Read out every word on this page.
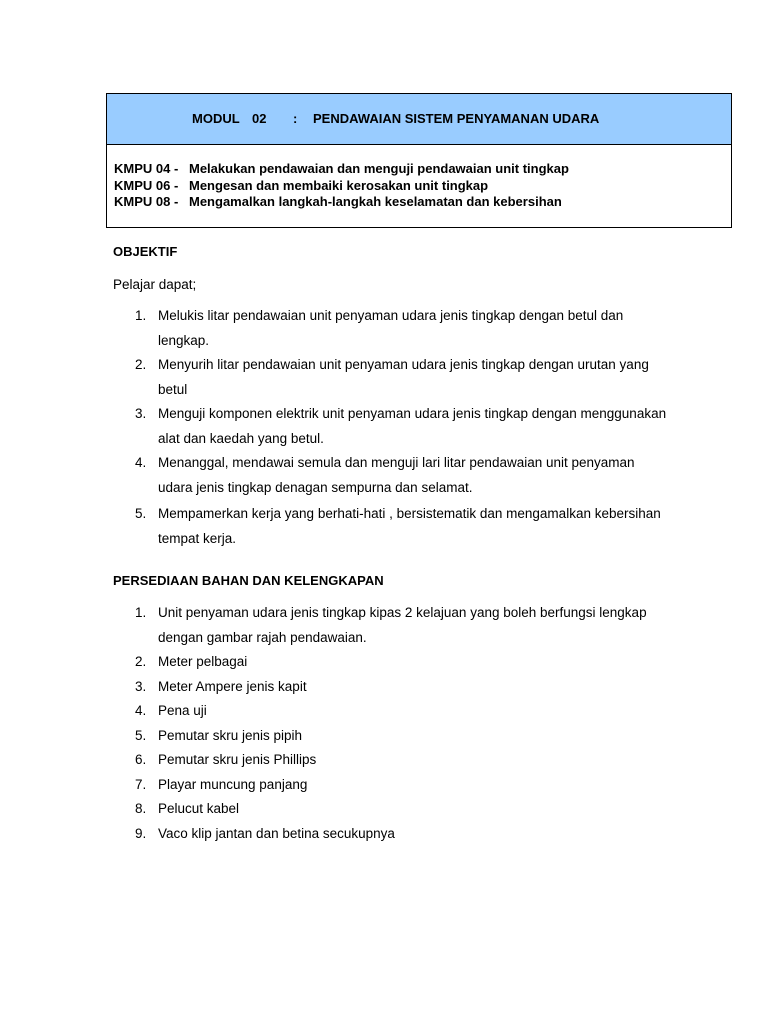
MODUL 02 : PENDAWAIAN SISTEM PENYAMANAN UDARA
KMPU 04 - Melakukan pendawaian dan menguji pendawaian unit tingkap
KMPU 06 - Mengesan dan membaiki kerosakan unit tingkap
KMPU 08 - Mengamalkan langkah-langkah keselamatan dan kebersihan
OBJEKTIF
Pelajar dapat;
1. Melukis litar pendawaian unit penyaman udara jenis tingkap dengan betul dan lengkap.
2. Menyurih litar pendawaian unit penyaman udara jenis tingkap dengan urutan yang betul
3. Menguji komponen elektrik unit penyaman udara jenis tingkap dengan menggunakan alat dan kaedah yang betul.
4. Menanggal, mendawai semula dan menguji lari litar pendawaian unit penyaman udara jenis tingkap denagan sempurna dan selamat.
5. Mempamerkan kerja yang berhati-hati , bersistematik dan mengamalkan kebersihan tempat kerja.
PERSEDIAAN BAHAN DAN KELENGKAPAN
1. Unit penyaman udara jenis tingkap kipas 2 kelajuan yang boleh berfungsi lengkap dengan gambar rajah pendawaian.
2. Meter pelbagai
3. Meter Ampere jenis kapit
4. Pena uji
5. Pemutar skru jenis pipih
6. Pemutar skru jenis Phillips
7. Playar muncung panjang
8. Pelucut kabel
9. Vaco klip jantan dan betina secukupnya
